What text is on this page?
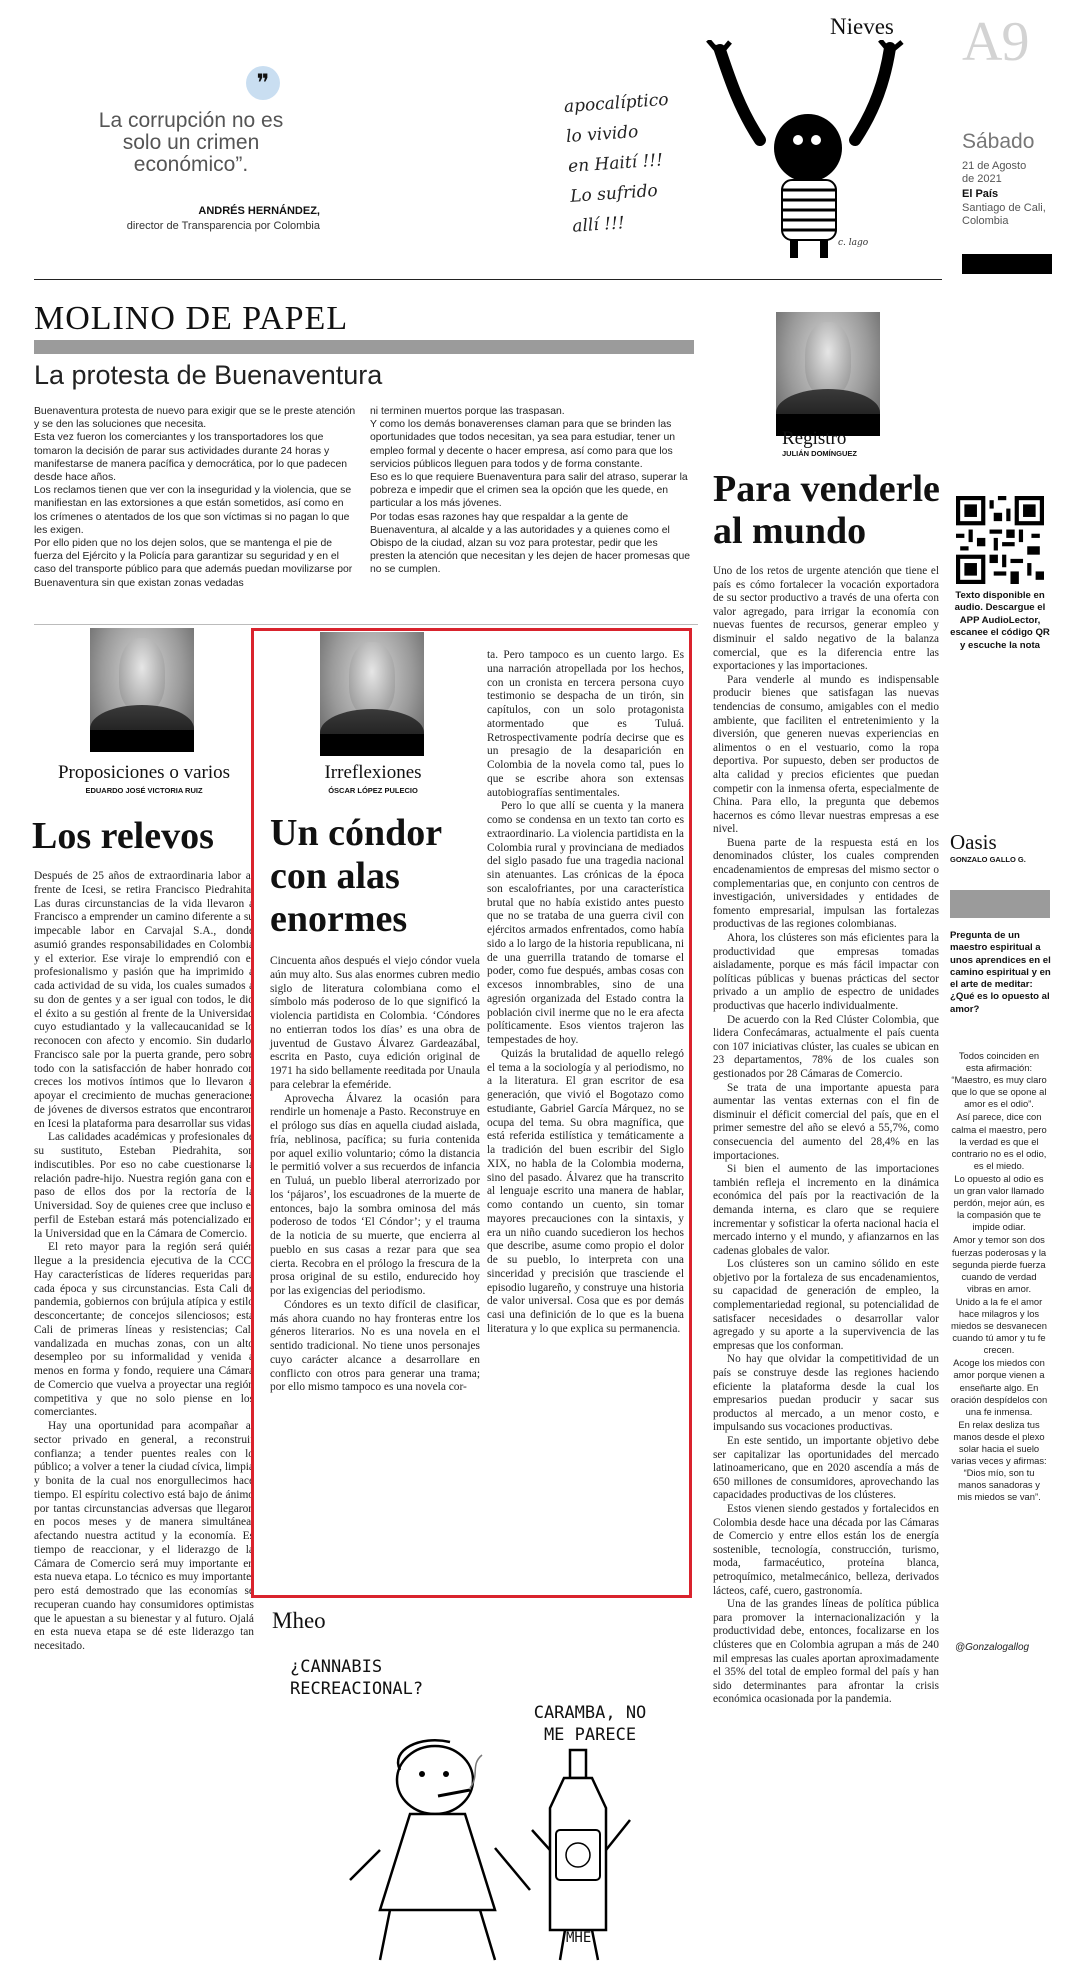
❞
La corrupción no es
solo un crimen
económico”.
ANDRÉS HERNÁNDEZ,
director de Transparencia por Colombia
Nieves
apocalíptico
lo vivido
en Haití !!!
Lo sufrido
allí !!!
c. lago
A9
Sábado
21 de Agosto
de 2021
El País
Santiago de Cali,
Colombia
MOLINO DE PAPEL
La protesta de Buenaventura

Buenaventura protesta de nuevo para exigir que se le preste atención y se den las soluciones que necesita.

Esta vez fueron los comerciantes y los transportadores los que tomaron la decisión de parar sus actividades durante 24 horas y manifestarse de manera pacífica y democrática, por lo que padecen desde hace años.

Los reclamos tienen que ver con la inseguridad y la violencia, que se manifiestan en las extorsiones a que están sometidos, así como en los crímenes o atentados de los que son víctimas si no pagan lo que les exigen.

Por ello piden que no los dejen solos, que se mantenga el pie de fuerza del Ejército y la Policía para garantizar su seguridad y en el caso del transporte público para que además puedan movilizarse por Buenaventura sin que existan zonas vedadas

ni terminen muertos porque las traspasan.

Y como los demás bonaverenses claman para que se brinden las oportunidades que todos necesitan, ya sea para estudiar, tener un empleo formal y decente o hacer empresa, así como para que los servicios públicos lleguen para todos y de forma constante.

Eso es lo que requiere Buenaventura para salir del atraso, superar la pobreza e impedir que el crimen sea la opción que les quede, en particular a los más jóvenes.

Por todas esas razones hay que respaldar a la gente de Buenaventura, al alcalde y a las autoridades y a quienes como el Obispo de la ciudad, alzan su voz para protestar, pedir que les presten la atención que necesitan y les dejen de hacer promesas que no se cumplen.

Registro
JULIÁN DOMÍNGUEZ
Para venderle
al mundo

Uno de los retos de urgente atención que tiene el país es cómo fortalecer la vocación exportadora de su sector productivo a través de una oferta con valor agregado, para irrigar la economía con nuevas fuentes de recursos, generar empleo y disminuir el saldo negativo de la balanza comercial, que es la diferencia entre las exportaciones y las importaciones.

Para venderle al mundo es indispensable producir bienes que satisfagan las nuevas tendencias de consumo, amigables con el medio ambiente, que faciliten el entretenimiento y la diversión, que generen nuevas experiencias en alimentos o en el vestuario, como la ropa deportiva. Por supuesto, deben ser productos de alta calidad y precios eficientes que puedan competir con la inmensa oferta, especialmente de China. Para ello, la pregunta que debemos hacernos es cómo llevar nuestras empresas a ese nivel.

Buena parte de la respuesta está en los denominados clúster, los cuales comprenden encadenamientos de empresas del mismo sector o complementarias que, en conjunto con centros de investigación, universidades y entidades de fomento empresarial, impulsan las fortalezas productivas de las regiones colombianas.

Ahora, los clústeres son más eficientes para la productividad que empresas tomadas aisladamente, porque es más fácil impactar con políticas públicas y buenas prácticas del sector privado a un amplio de espectro de unidades productivas que hacerlo individualmente.

De acuerdo con la Red Clúster Colombia, que lidera Confecámaras, actualmente el país cuenta con 107 iniciativas clúster, las cuales se ubican en 23 departamentos, 78% de los cuales son gestionados por 28 Cámaras de Comercio.

Se trata de una importante apuesta para aumentar las ventas externas con el fin de disminuir el déficit comercial del país, que en el primer semestre del año se elevó a 55,7%, como consecuencia del aumento del 28,4% en las importaciones.

Si bien el aumento de las importaciones también refleja el incremento en la dinámica económica del país por la reactivación de la demanda interna, es claro que se requiere incrementar y sofisticar la oferta nacional hacia el mercado interno y el mundo, y afianzarnos en las cadenas globales de valor.

Los clústeres son un camino sólido en este objetivo por la fortaleza de sus encadenamientos, su capacidad de generación de empleo, la complementariedad regional, su potencialidad de satisfacer necesidades o desarrollar valor agregado y su aporte a la supervivencia de las empresas que los conforman.

No hay que olvidar la competitividad de un país se construye desde las regiones haciendo eficiente la plataforma desde la cual los empresarios puedan producir y sacar sus productos al mercado, a un menor costo, e impulsando sus vocaciones productivas.

En este sentido, un importante objetivo debe ser capitalizar las oportunidades del mercado latinoamericano, que en 2020 ascendía a más de 650 millones de consumidores, aprovechando las capacidades productivas de los clústeres.

Estos vienen siendo gestados y fortalecidos en Colombia desde hace una década por las Cámaras de Comercio y entre ellos están los de energía sostenible, tecnología, construcción, turismo, moda, farmacéutico, proteína blanca, petroquímico, metalmecánico, belleza, derivados lácteos, café, cuero, gastronomía.

Una de las grandes líneas de política pública para promover la internacionalización y la productividad debe, entonces, focalizarse en los clústeres que en Colombia agrupan a más de 240 mil empresas las cuales aportan aproximadamente el 35% del total de empleo formal del país y han sido determinantes para afrontar la crisis económica ocasionada por la pandemia.

Texto disponible en audio. Descargue el APP AudioLector, escanee el código QR y escuche la nota
Oasis
GONZALO GALLO G.
Pregunta de un maestro espiritual a unos aprendices en el camino espiritual y en el arte de meditar: ¿Qué es lo opuesto al amor?

Todos coinciden en esta afirmación: “Maestro, es muy claro que lo que se opone al amor es el odio”.

Así parece, dice con calma el maestro, pero la verdad es que el contrario no es el odio, es el miedo.

Lo opuesto al odio es un gran valor llamado perdón, mejor aún, es la compasión que te impide odiar.

Amor y temor son dos fuerzas poderosas y la segunda pierde fuerza cuando de verdad vibras en amor.

Unido a la fe el amor hace milagros y los miedos se desvanecen cuando tú amor y tu fe crecen.

Acoge los miedos con amor porque vienen a enseñarte algo. En oración despídelos con una fe inmensa.

En relax desliza tus manos desde el plexo solar hacia el suelo varias veces y afirmas: “Dios mío, son tu manos sanadoras y mis miedos se van”.

@Gonzalogallog
Proposiciones o varios
EDUARDO JOSÉ VICTORIA RUIZ
Los relevos

Después de 25 años de extraordinaria labor al frente de Icesi, se retira Francisco Piedrahita. Las duras circunstancias de la vida llevaron a Francisco a emprender un camino diferente a su impecable labor en Carvajal S.A., donde asumió grandes responsabilidades en Colombia y el exterior. Ese viraje lo emprendió con el profesionalismo y pasión que ha imprimido a cada actividad de su vida, los cuales sumados a su don de gentes y a ser igual con todos, le dio el éxito a su gestión al frente de la Universidad cuyo estudiantado y la vallecaucanidad se lo reconocen con afecto y encomio. Sin dudarlo, Francisco sale por la puerta grande, pero sobre todo con la satisfacción de haber honrado con creces los motivos íntimos que lo llevaron a apoyar el crecimiento de muchas generaciones de jóvenes de diversos estratos que encontraron en Icesi la plataforma para desarrollar sus vidas.

Las calidades académicas y profesionales de su sustituto, Esteban Piedrahita, son indiscutibles. Por eso no cabe cuestionarse la relación padre-hijo. Nuestra región gana con el paso de ellos dos por la rectoría de la Universidad. Soy de quienes cree que incluso el perfil de Esteban estará más potencializado en la Universidad que en la Cámara de Comercio.

El reto mayor para la región será quién llegue a la presidencia ejecutiva de la CCC. Hay características de líderes requeridas para cada época y sus circunstancias. Esta Cali de pandemia, gobiernos con brújula atípica y estilo desconcertante; de concejos silenciosos; esta Cali de primeras líneas y resistencias; Cali vandalizada en muchas zonas, con un alto desempleo por su informalidad y venida a menos en forma y fondo, requiere una Cámara de Comercio que vuelva a proyectar una región competitiva y que no solo piense en los comerciantes.

Hay una oportunidad para acompañar al sector privado en general, a reconstruir confianza; a tender puentes reales con lo público; a volver a tener la ciudad cívica, limpia y bonita de la cual nos enorgullecimos hace tiempo. El espíritu colectivo está bajo de ánimo por tantas circunstancias adversas que llegaron en pocos meses y de manera simultánea, afectando nuestra actitud y la economía. Es tiempo de reaccionar, y el liderazgo de la Cámara de Comercio será muy importante en esta nueva etapa. Lo técnico es muy importante, pero está demostrado que las economías se recuperan cuando hay consumidores optimistas que le apuestan a su bienestar y al futuro. Ojalá en esta nueva etapa se dé este liderazgo tan necesitado.

Irreflexiones
ÓSCAR LÓPEZ PULECIO
Un cóndor
con alas
enormes

Cincuenta años después el viejo cóndor vuela aún muy alto. Sus alas enormes cubren medio siglo de literatura colombiana como el símbolo más poderoso de lo que significó la violencia partidista en Colombia. ‘Cóndores no entierran todos los días’ es una obra de juventud de Gustavo Álvarez Gardeazábal, escrita en Pasto, cuya edición original de 1971 ha sido bellamente reeditada por Unaula para celebrar la efeméride.

Aprovecha Álvarez la ocasión para rendirle un homenaje a Pasto. Reconstruye en el prólogo sus días en aquella ciudad aislada, fría, neblinosa, pacífica; su furia contenida por aquel exilio voluntario; cómo la distancia le permitió volver a sus recuerdos de infancia en Tuluá, un pueblo liberal aterrorizado por los ‘pájaros’, los escuadrones de la muerte de entonces, bajo la sombra ominosa del más poderoso de todos ‘El Cóndor’; y el trauma de la noticia de su muerte, que encierra al pueblo en sus casas a rezar para que sea cierta. Recobra en el prólogo la frescura de la prosa original de su estilo, endurecido hoy por las exigencias del periodismo.

Cóndores es un texto difícil de clasificar, más ahora cuando no hay fronteras entre los géneros literarios. No es una novela en el sentido tradicional. No tiene unos personajes cuyo carácter alcance a desarrollare en conflicto con otros para generar una trama; por ello mismo tampoco es una novela cor-

ta. Pero tampoco es un cuento largo. Es una narración atropellada por los hechos, con un cronista en tercera persona cuyo testimonio se despacha de un tirón, sin capítulos, con un solo protagonista atormentado que es Tuluá. Retrospectivamente podría decirse que es un presagio de la desaparición en Colombia de la novela como tal, pues lo que se escribe ahora son extensas autobiografías sentimentales.

Pero lo que allí se cuenta y la manera como se condensa en un texto tan corto es extraordinario. La violencia partidista en la Colombia rural y provinciana de mediados del siglo pasado fue una tragedia nacional sin atenuantes. Las crónicas de la época son escalofriantes, por una característica brutal que no había existido antes puesto que no se trataba de una guerra civil con ejércitos armados enfrentados, como había sido a lo largo de la historia republicana, ni de una guerrilla tratando de tomarse el poder, como fue después, ambas cosas con excesos innombrables, sino de una agresión organizada del Estado contra la población civil inerme que no le era afecta políticamente. Esos vientos trajeron las tempestades de hoy.

Quizás la brutalidad de aquello relegó el tema a la sociología y al periodismo, no a la literatura. El gran escritor de esa generación, que vivió el Bogotazo como estudiante, Gabriel García Márquez, no se ocupa del tema. Su obra magnífica, que está referida estilística y temáticamente a la tradición del buen escribir del Siglo XIX, no habla de la Colombia moderna, sino del pasado. Álvarez que ha transcrito al lenguaje escrito una manera de hablar, como contando un cuento, sin tomar mayores precauciones con la sintaxis, y era un niño cuando sucedieron los hechos que describe, asume como propio el dolor de su pueblo, lo interpreta con una sinceridad y precisión que trasciende el episodio lugareño, y construye una historia de valor universal. Cosa que es por demás casi una definición de lo que es la buena literatura y lo que explica su permanencia.

Mheo
¿CANNABIS
RECREACIONAL?
CARAMBA, NO
ME PARECE
MHE
